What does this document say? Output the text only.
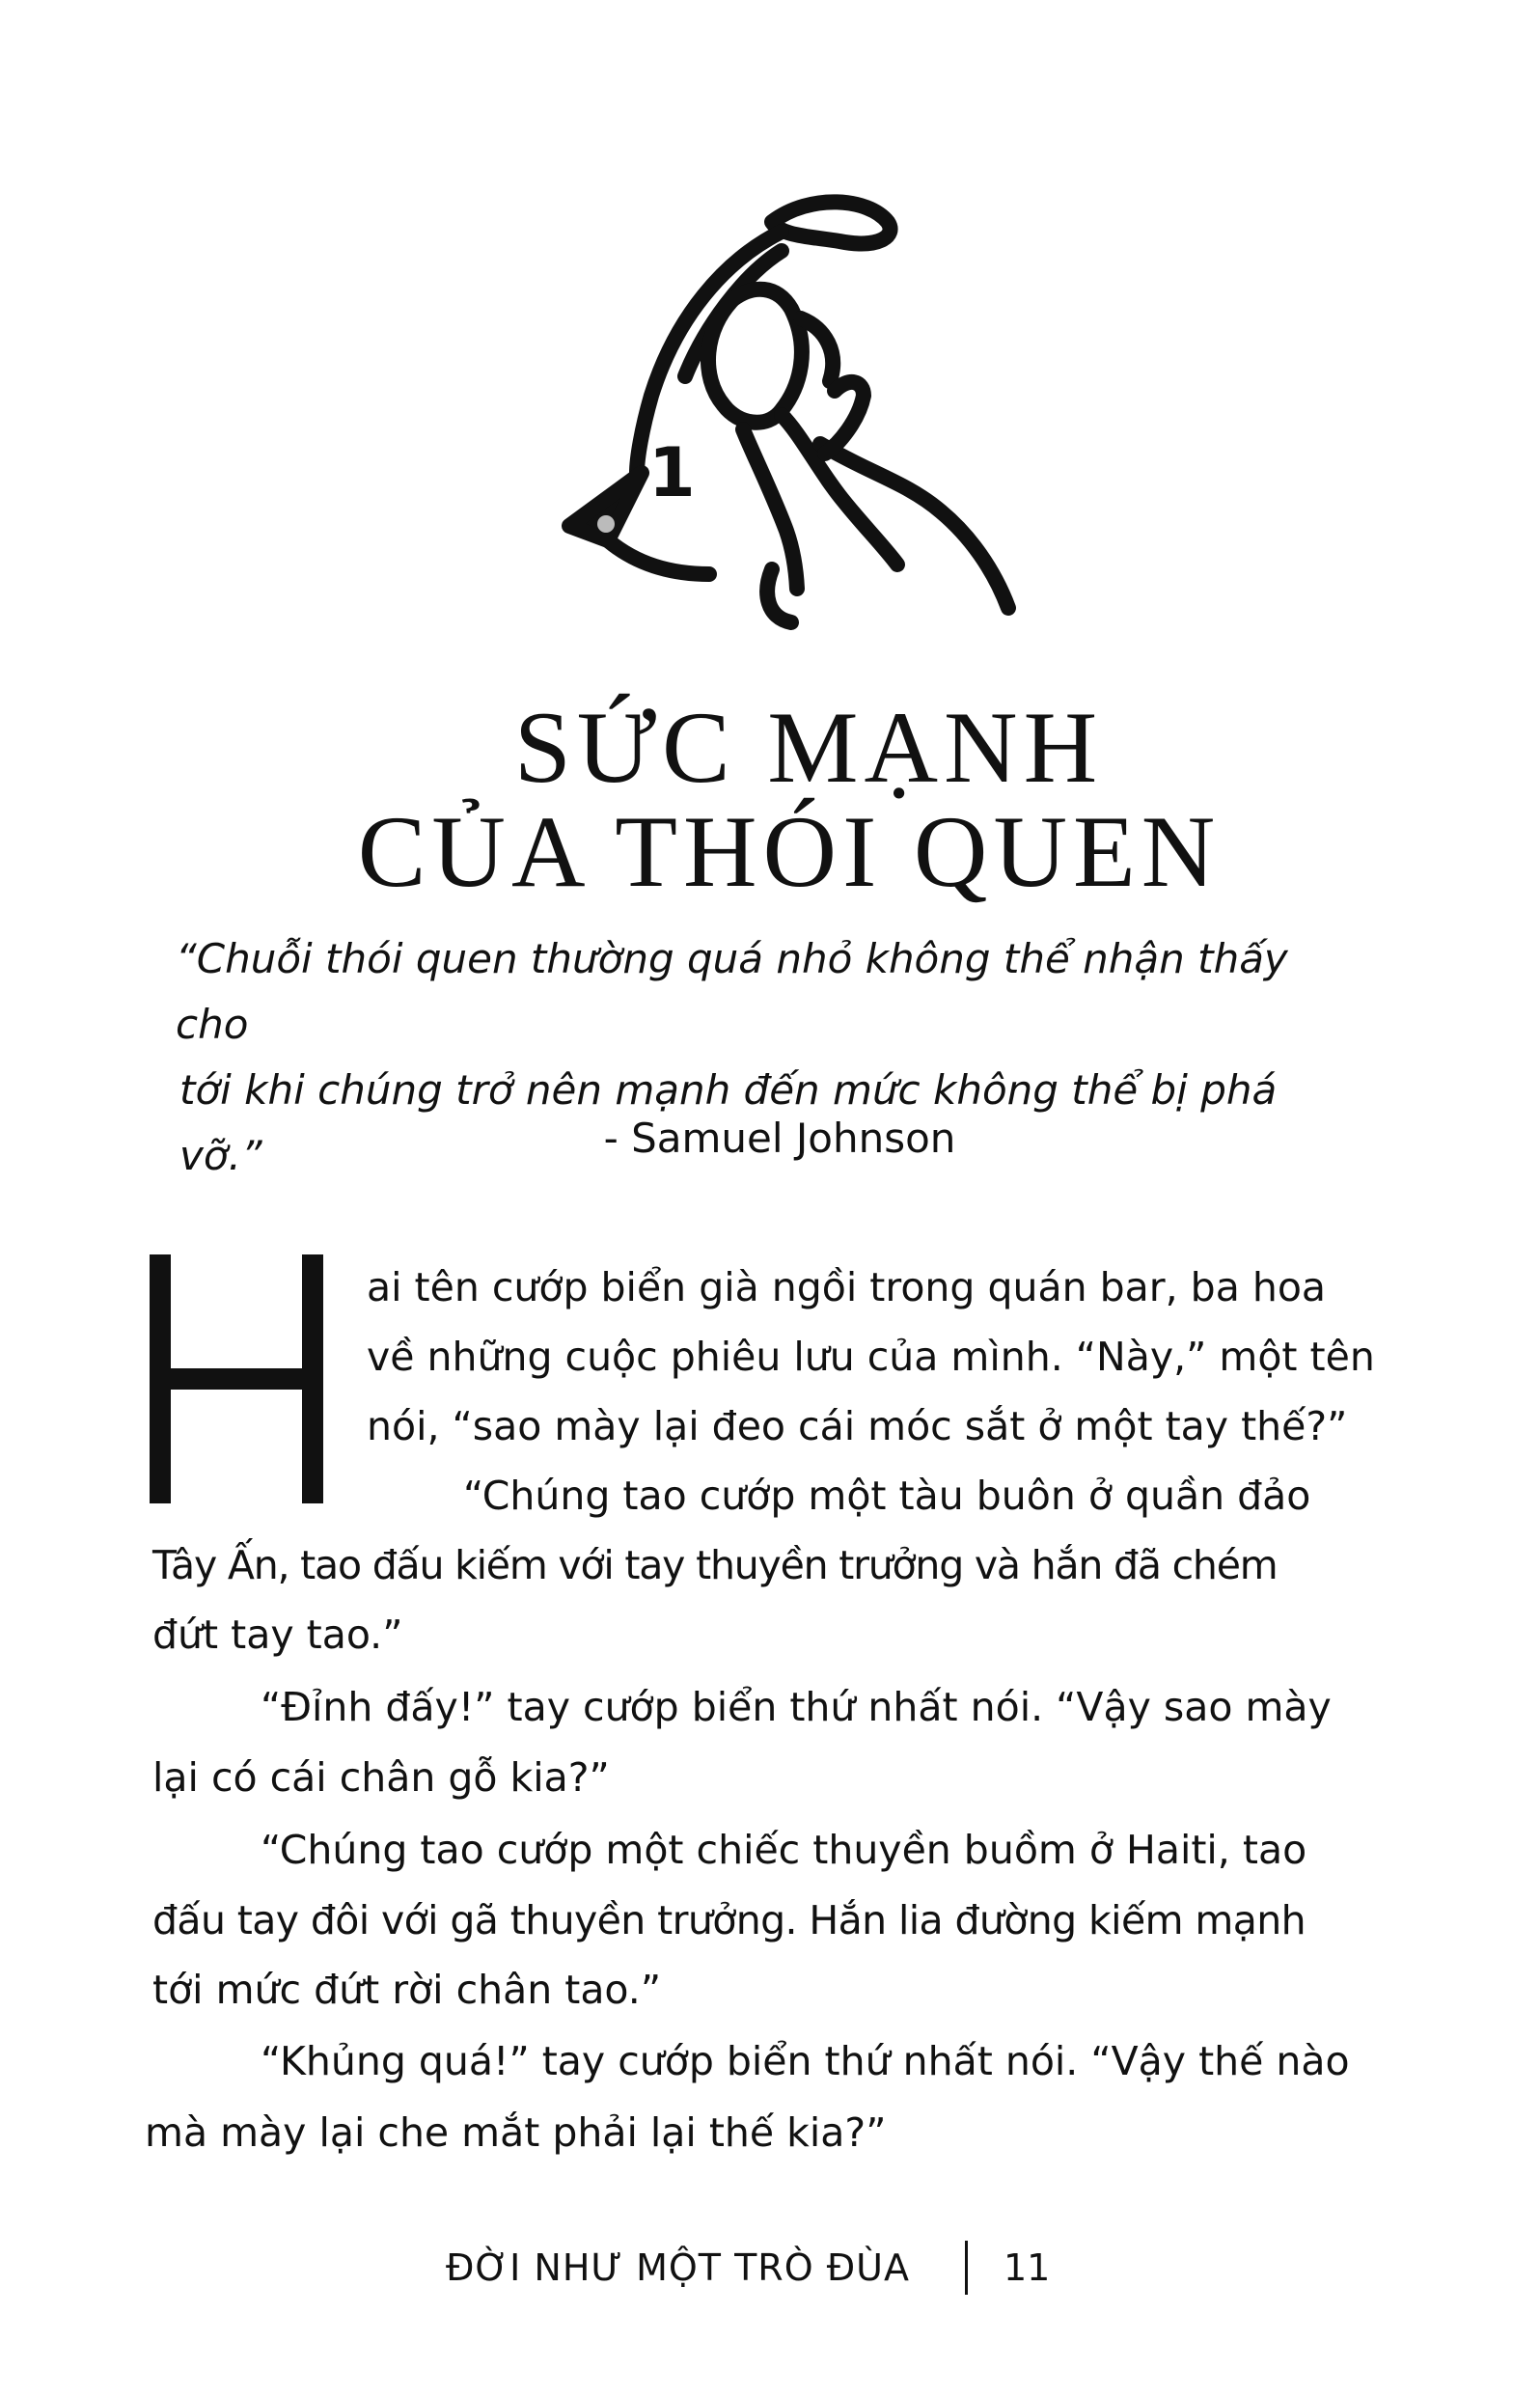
1
SỨC MẠNH
CỦA THÓI QUEN
“Chuỗi thói quen thường quá nhỏ không thể nhận thấy cho
tới khi chúng trở nên mạnh đến mức không thể bị phá vỡ.”	- Samuel Johnson
ai tên cướp biển già ngồi trong quán bar, ba hoa
về những cuộc phiêu lưu của mình. “Này,” một tên
nói, “sao mày lại đeo cái móc sắt ở một tay thế?”
“Chúng tao cướp một tàu buôn ở quần đảo
Tây Ấn, tao đấu kiếm với tay thuyền trưởng và hắn đã chém
đứt tay tao.”
“Đỉnh đấy!” tay cướp biển thứ nhất nói. “Vậy sao mày
lại có cái chân gỗ kia?”
“Chúng tao cướp một chiếc thuyền buồm ở Haiti, tao
đấu tay đôi với gã thuyền trưởng. Hắn lia đường kiếm mạnh
tới mức đứt rời chân tao.”
“Khủng quá!” tay cướp biển thứ nhất nói. “Vậy thế nào
mà mày lại che mắt phải lại thế kia?”
ĐỜI NHƯ MỘT TRÒ ĐÙA	11
